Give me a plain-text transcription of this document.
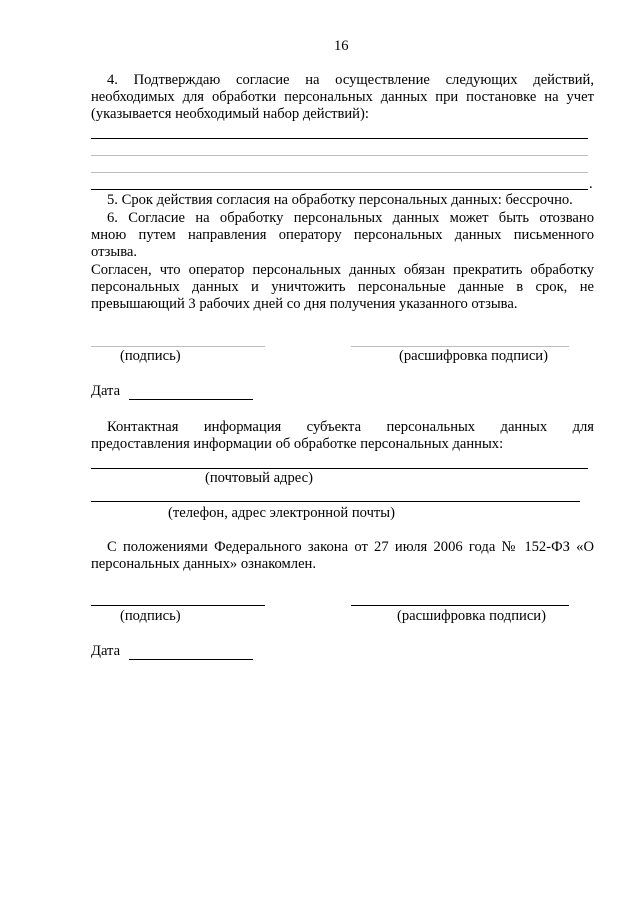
16
4. Подтверждаю согласие на осуществление следующих действий,
необходимых для обработки персональных данных при постановке на учет
(указывается необходимый набор действий):
.
5. Срок действия согласия на обработку персональных данных: бессрочно.
6. Согласие на обработку персональных данных может быть отозвано
мною путем направления оператору персональных данных письменного
отзыва.
Согласен, что оператор персональных данных обязан прекратить обработку
персональных данных и уничтожить персональные данные в срок, не
превышающий 3 рабочих дней со дня получения указанного отзыва.
(подпись)	(расшифровка подписи)
Дата
Контактная информация субъекта персональных данных для
предоставления информации об обработке персональных данных:
(почтовый адрес)
(телефон, адрес электронной почты)
С положениями Федерального закона от 27 июля 2006 года № 152-ФЗ «О
персональных данных» ознакомлен.
(подпись)	(расшифровка подписи)
Дата
